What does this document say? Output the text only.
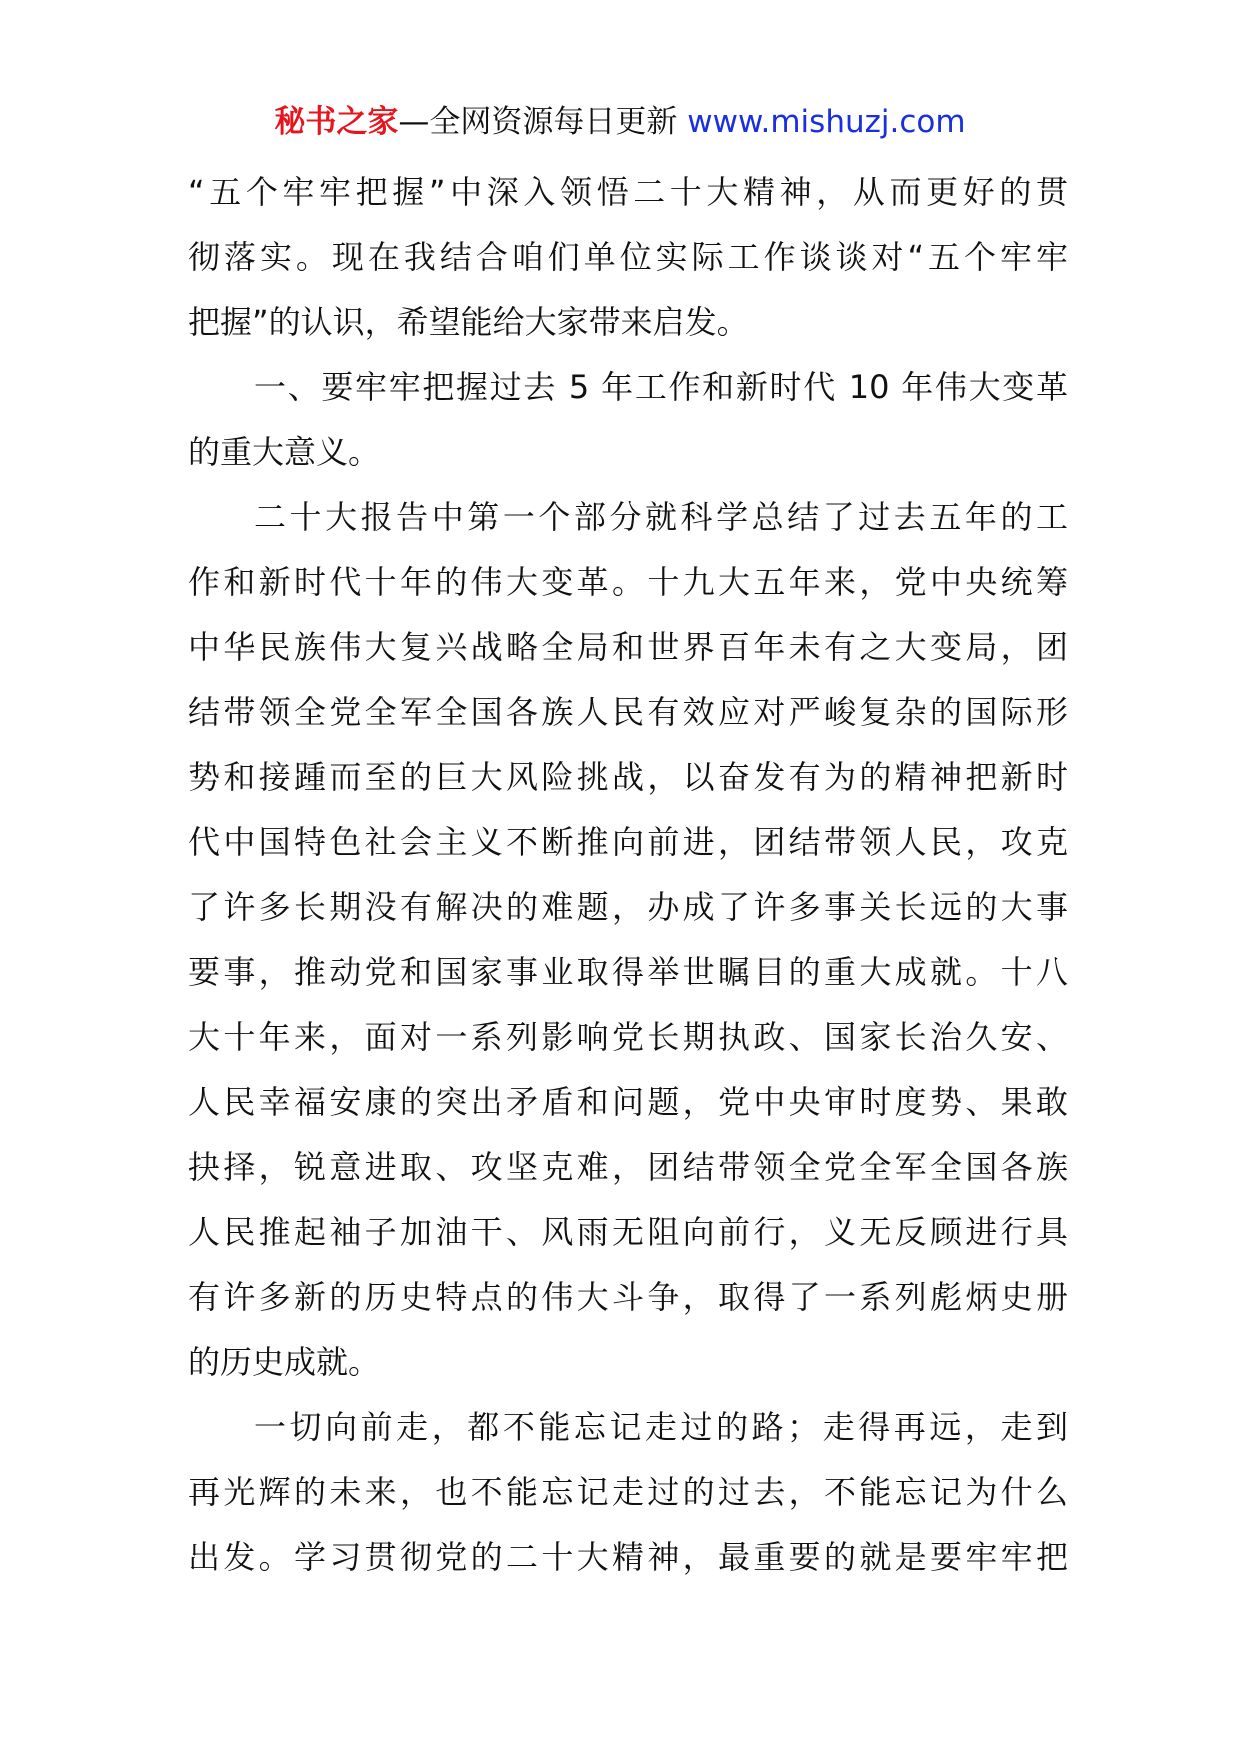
秘书之家—全网资源每日更新 www.mishuzj.com
“五个牢牢把握”中深入领悟二十大精神，从而更好的贯
彻落实。现在我结合咱们单位实际工作谈谈对“五个牢牢
把握”的认识，希望能给大家带来启发。
一、要牢牢把握过去 5 年工作和新时代 10 年伟大变革
的重大意义。
二十大报告中第一个部分就科学总结了过去五年的工
作和新时代十年的伟大变革。十九大五年来，党中央统筹
中华民族伟大复兴战略全局和世界百年未有之大变局，团
结带领全党全军全国各族人民有效应对严峻复杂的国际形
势和接踵而至的巨大风险挑战，以奋发有为的精神把新时
代中国特色社会主义不断推向前进，团结带领人民，攻克
了许多长期没有解决的难题，办成了许多事关长远的大事
要事，推动党和国家事业取得举世瞩目的重大成就。十八
大十年来，面对一系列影响党长期执政、国家长治久安、
人民幸福安康的突出矛盾和问题，党中央审时度势、果敢
抉择，锐意进取、攻坚克难，团结带领全党全军全国各族
人民推起袖子加油干、风雨无阻向前行，义无反顾进行具
有许多新的历史特点的伟大斗争，取得了一系列彪炳史册
的历史成就。
一切向前走，都不能忘记走过的路；走得再远，走到
再光辉的未来，也不能忘记走过的过去，不能忘记为什么
出发。学习贯彻党的二十大精神，最重要的就是要牢牢把
